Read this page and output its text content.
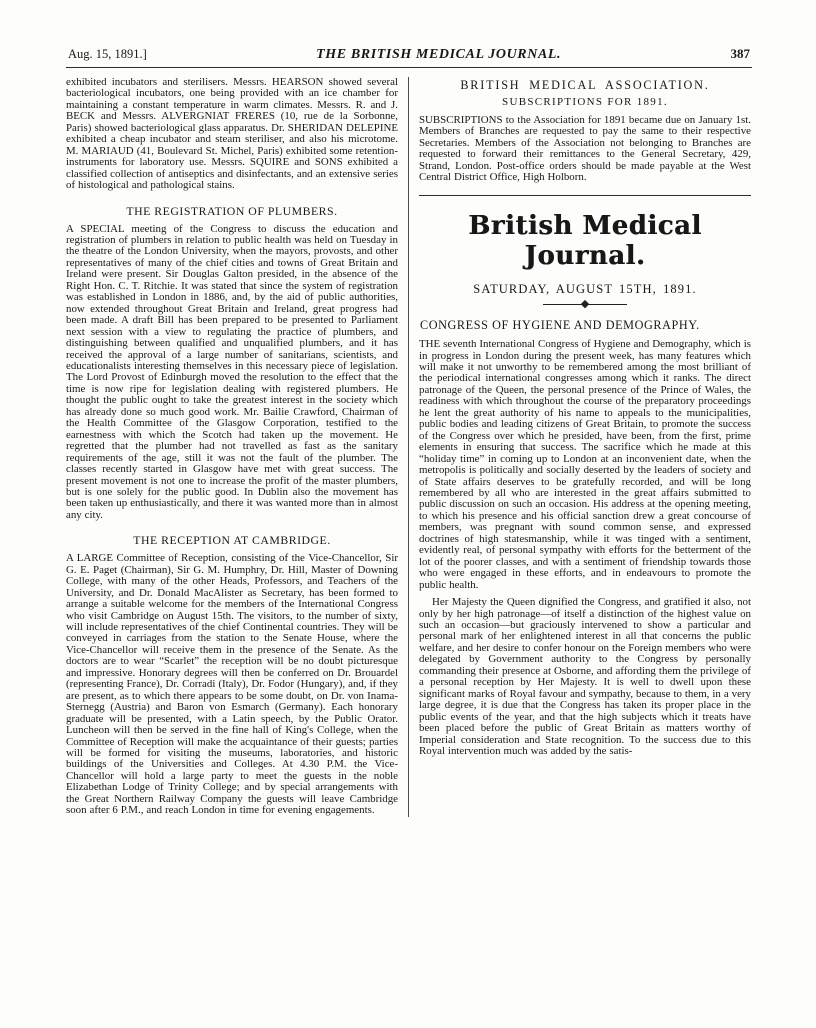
Aug. 15, 1891.]	THE BRITISH MEDICAL JOURNAL.	387

exhibited incubators and sterilisers. Messrs. HEARSON showed several bacteriological incubators, one being provided with an ice chamber for maintaining a constant temperature in warm climates. Messrs. R. and J. BECK and Messrs. ALVERGNIAT FRERES (10, rue de la Sorbonne, Paris) showed bacteriological glass apparatus. Dr. SHERIDAN DELEPINE exhibited a cheap incubator and steam steriliser, and also his microtome. M. MARIAUD (41, Boulevard St. Michel, Paris) exhibited some retention-instruments for laboratory use. Messrs. SQUIRE and SONS exhibited a classified collection of antiseptics and disinfectants, and an extensive series of histological and pathological stains.

THE REGISTRATION OF PLUMBERS.

A SPECIAL meeting of the Congress to discuss the education and registration of plumbers in relation to public health was held on Tuesday in the theatre of the London University, when the mayors, provosts, and other representatives of many of the chief cities and towns of Great Britain and Ireland were present. Sir Douglas Galton presided, in the absence of the Right Hon. C. T. Ritchie. It was stated that since the system of registration was established in London in 1886, and, by the aid of public authorities, now extended throughout Great Britain and Ireland, great progress had been made. A draft Bill has been prepared to be presented to Parliament next session with a view to regulating the practice of plumbers, and distinguishing between qualified and unqualified plumbers, and it has received the approval of a large number of sanitarians, scientists, and educationalists interesting themselves in this necessary piece of legislation. The Lord Provost of Edinburgh moved the resolution to the effect that the time is now ripe for legislation dealing with registered plumbers. He thought the public ought to take the greatest interest in the society which has already done so much good work. Mr. Bailie Crawford, Chairman of the Health Committee of the Glasgow Corporation, testified to the earnestness with which the Scotch had taken up the movement. He regretted that the plumber had not travelled as fast as the sanitary requirements of the age, still it was not the fault of the plumber. The classes recently started in Glasgow have met with great success. The present movement is not one to increase the profit of the master plumbers, but is one solely for the public good. In Dublin also the movement has been taken up enthusiastically, and there it was wanted more than in almost any city.

THE RECEPTION AT CAMBRIDGE.

A LARGE Committee of Reception, consisting of the Vice-Chancellor, Sir G. E. Paget (Chairman), Sir G. M. Humphry, Dr. Hill, Master of Downing College, with many of the other Heads, Professors, and Teachers of the University, and Dr. Donald MacAlister as Secretary, has been formed to arrange a suitable welcome for the members of the International Congress who visit Cambridge on August 15th. The visitors, to the number of sixty, will include representatives of the chief Continental countries. They will be conveyed in carriages from the station to the Senate House, where the Vice-Chancellor will receive them in the presence of the Senate. As the doctors are to wear “Scarlet” the reception will be no doubt picturesque and impressive. Honorary degrees will then be conferred on Dr. Brouardel (representing France), Dr. Corradi (Italy), Dr. Fodor (Hungary), and, if they are present, as to which there appears to be some doubt, on Dr. von Inama-Sternegg (Austria) and Baron von Esmarch (Germany). Each honorary graduate will be presented, with a Latin speech, by the Public Orator. Luncheon will then be served in the fine hall of King's College, when the Committee of Reception will make the acquaintance of their guests; parties will be formed for visiting the museums, laboratories, and historic buildings of the Universities and Colleges. At 4.30 P.M. the Vice-Chancellor will hold a large party to meet the guests in the noble Elizabethan Lodge of Trinity College; and by special arrangements with the Great Northern Railway Company the guests will leave Cambridge soon after 6 P.M., and reach London in time for evening engagements.

BRITISH MEDICAL ASSOCIATION.
SUBSCRIPTIONS FOR 1891.

SUBSCRIPTIONS to the Association for 1891 became due on January 1st. Members of Branches are requested to pay the same to their respective Secretaries. Members of the Association not belonging to Branches are requested to forward their remittances to the General Secretary, 429, Strand, London. Post-office orders should be made payable at the West Central District Office, High Holborn.

British Medical Journal.
SATURDAY, AUGUST 15TH, 1891.
CONGRESS OF HYGIENE AND DEMOGRAPHY.

THE seventh International Congress of Hygiene and Demography, which is in progress in London during the present week, has many features which will make it not unworthy to be remembered among the most brilliant of the periodical international congresses among which it ranks. The direct patronage of the Queen, the personal presence of the Prince of Wales, the readiness with which throughout the course of the preparatory proceedings he lent the great authority of his name to appeals to the municipalities, public bodies and leading citizens of Great Britain, to promote the success of the Congress over which he presided, have been, from the first, prime elements in ensuring that success. The sacrifice which he made at this “holiday time” in coming up to London at an inconvenient date, when the metropolis is politically and socially deserted by the leaders of society and of State affairs deserves to be gratefully recorded, and will be long remembered by all who are interested in the great affairs submitted to public discussion on such an occasion. His address at the opening meeting, to which his presence and his official sanction drew a great concourse of members, was pregnant with sound common sense, and expressed doctrines of high statesmanship, while it was tinged with a sentiment, evidently real, of personal sympathy with efforts for the betterment of the lot of the poorer classes, and with a sentiment of friendship towards those who were engaged in these efforts, and in endeavours to promote the public health.

Her Majesty the Queen dignified the Congress, and gratified it also, not only by her high patronage—of itself a distinction of the highest value on such an occasion—but graciously intervened to show a particular and personal mark of her enlightened interest in all that concerns the public welfare, and her desire to confer honour on the Foreign members who were delegated by Government authority to the Congress by personally commanding their presence at Osborne, and affording them the privilege of a personal reception by Her Majesty. It is well to dwell upon these significant marks of Royal favour and sympathy, because to them, in a very large degree, it is due that the Congress has taken its proper place in the public events of the year, and that the high subjects which it treats have been placed before the public of Great Britain as matters worthy of Imperial consideration and State recognition. To the success due to this Royal intervention much was added by the satis-
